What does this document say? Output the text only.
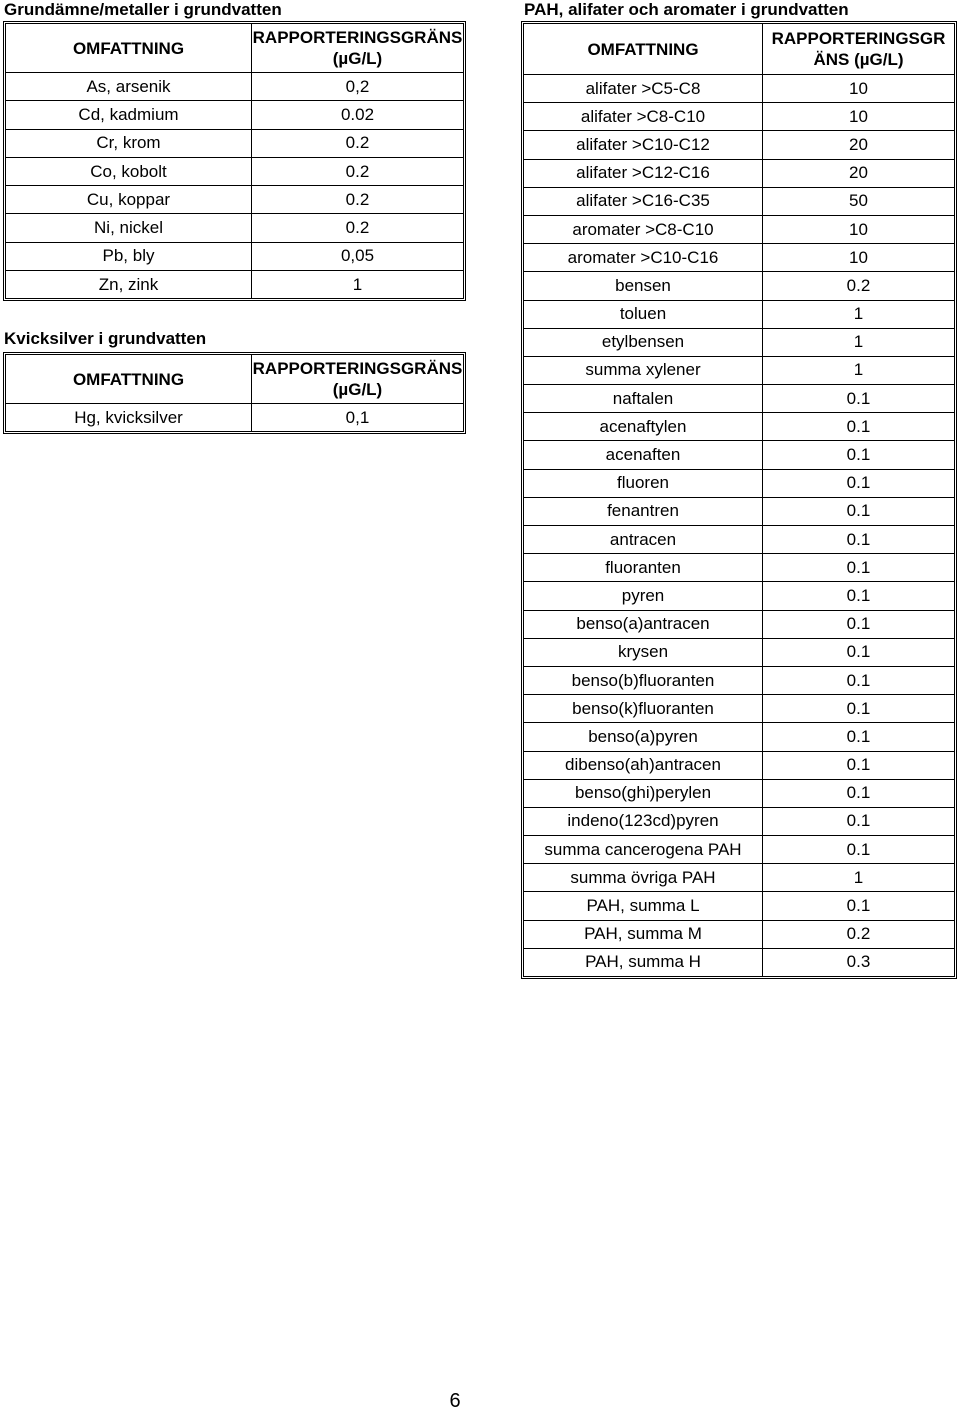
Grundämne/metaller i grundvatten
OMFATTNING	RAPPORTERINGSGRÄNS
(µG/L)
As, arsenik	0,2
Cd, kadmium	0.02
Cr, krom	0.2
Co, kobolt	0.2
Cu, koppar	0.2
Ni, nickel	0.2
Pb, bly	0,05
Zn, zink	1
Kvicksilver i grundvatten
OMFATTNING	RAPPORTERINGSGRÄNS
(µG/L)
Hg, kvicksilver	0,1
PAH, alifater och aromater i grundvatten
OMFATTNING	RAPPORTERINGSGR
ÄNS (µG/L)
alifater >C5-C8	10
alifater >C8-C10	10
alifater >C10-C12	20
alifater >C12-C16	20
alifater >C16-C35	50
aromater >C8-C10	10
aromater >C10-C16	10
bensen	0.2
toluen	1
etylbensen	1
summa xylener	1
naftalen	0.1
acenaftylen	0.1
acenaften	0.1
fluoren	0.1
fenantren	0.1
antracen	0.1
fluoranten	0.1
pyren	0.1
benso(a)antracen	0.1
krysen	0.1
benso(b)fluoranten	0.1
benso(k)fluoranten	0.1
benso(a)pyren	0.1
dibenso(ah)antracen	0.1
benso(ghi)perylen	0.1
indeno(123cd)pyren	0.1
summa cancerogena PAH	0.1
summa övriga PAH	1
PAH, summa L	0.1
PAH, summa M	0.2
PAH, summa H	0.3
6
